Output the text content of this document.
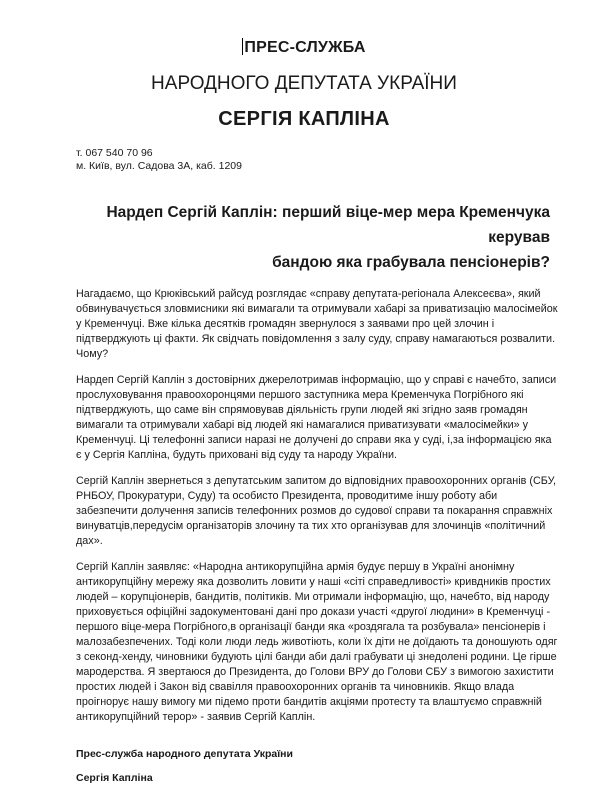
ПРЕС-СЛУЖБА
НАРОДНОГО ДЕПУТАТА УКРАЇНИ
СЕРГІЯ КАПЛІНА
т. 067 540 70 96
м. Київ, вул. Садова 3А, каб. 1209
Нардеп Сергій Каплін: перший віце-мер мера Кременчука керував
бандою яка грабувала пенсіонерів?

Нагадаємо, що Крюківський райсуд розглядає «справу депутата-регіонала Алексеєва», який обвинувачується зловмисники які вимагали та отримували хабарі за приватизацію малосімейок у Кременчуці. Вже кілька десятків громадян звернулося з заявами про цей злочин і підтверджують ці факти. Як свідчать повідомлення з залу суду, справу намагаються розвалити. Чому?

Нардеп Сергій Каплін з достовірних джерелотримав інформацію, що у справі є начебто, записи прослуховування правоохоронцями першого заступника мера Кременчука Погрібного які підтверджують, що саме він спрямовував діяльність групи людей які згідно заяв громадян вимагали та отримували хабарі від людей які намагалися приватизувати «малосімейки» у Кременчуці. Ці телефонні записи наразі не долучені до справи яка у суді, і,за інформацією яка є у Сергія Капліна, будуть приховані від суду та народу України.

Сергій Каплін звернеться з депутатським запитом до відповідних правоохоронних органів (СБУ, РНБОУ, Прокуратури, Суду) та особисто Президента, проводитиме іншу роботу аби забезпечити долучення записів телефонних розмов до судової справи та покарання справжніх винуватців,передусім організаторів злочину та тих хто організував для злочинців «політичний дах».

Сергій Каплін заявляє: «Народна антикорупційна армія будує першу в Україні анонімну антикорупційну мережу яка дозволить ловити у наші «сіті справедливості» кривдників простих людей – корупціонерів, бандитів, політиків. Ми отримали інформацію, що, начебто, від народу приховується офіційні задокументовані дані про докази участі «другої людини» в Кременчуці - першого віце-мера Погрібного,в організації банди яка «роздягала та розбувала» пенсіонерів і малозабезпечених. Тоді коли люди ледь животіють, коли їх діти не доїдають та доношують одяг з секонд-хенду, чиновники будують цілі банди аби далі грабувати ці знедолені родини. Це гірше мародерства. Я звертаюся до Президента, до Голови ВРУ до Голови СБУ з вимогою захистити простих людей і Закон від свавілля правоохоронних органів та чиновників. Якщо влада проігнорує нашу вимогу ми підемо проти бандитів акціями протесту та влаштуємо справжній антикорупційний терор» - заявив Сергій Каплін.

Прес-служба народного депутата України
Сергія Капліна
